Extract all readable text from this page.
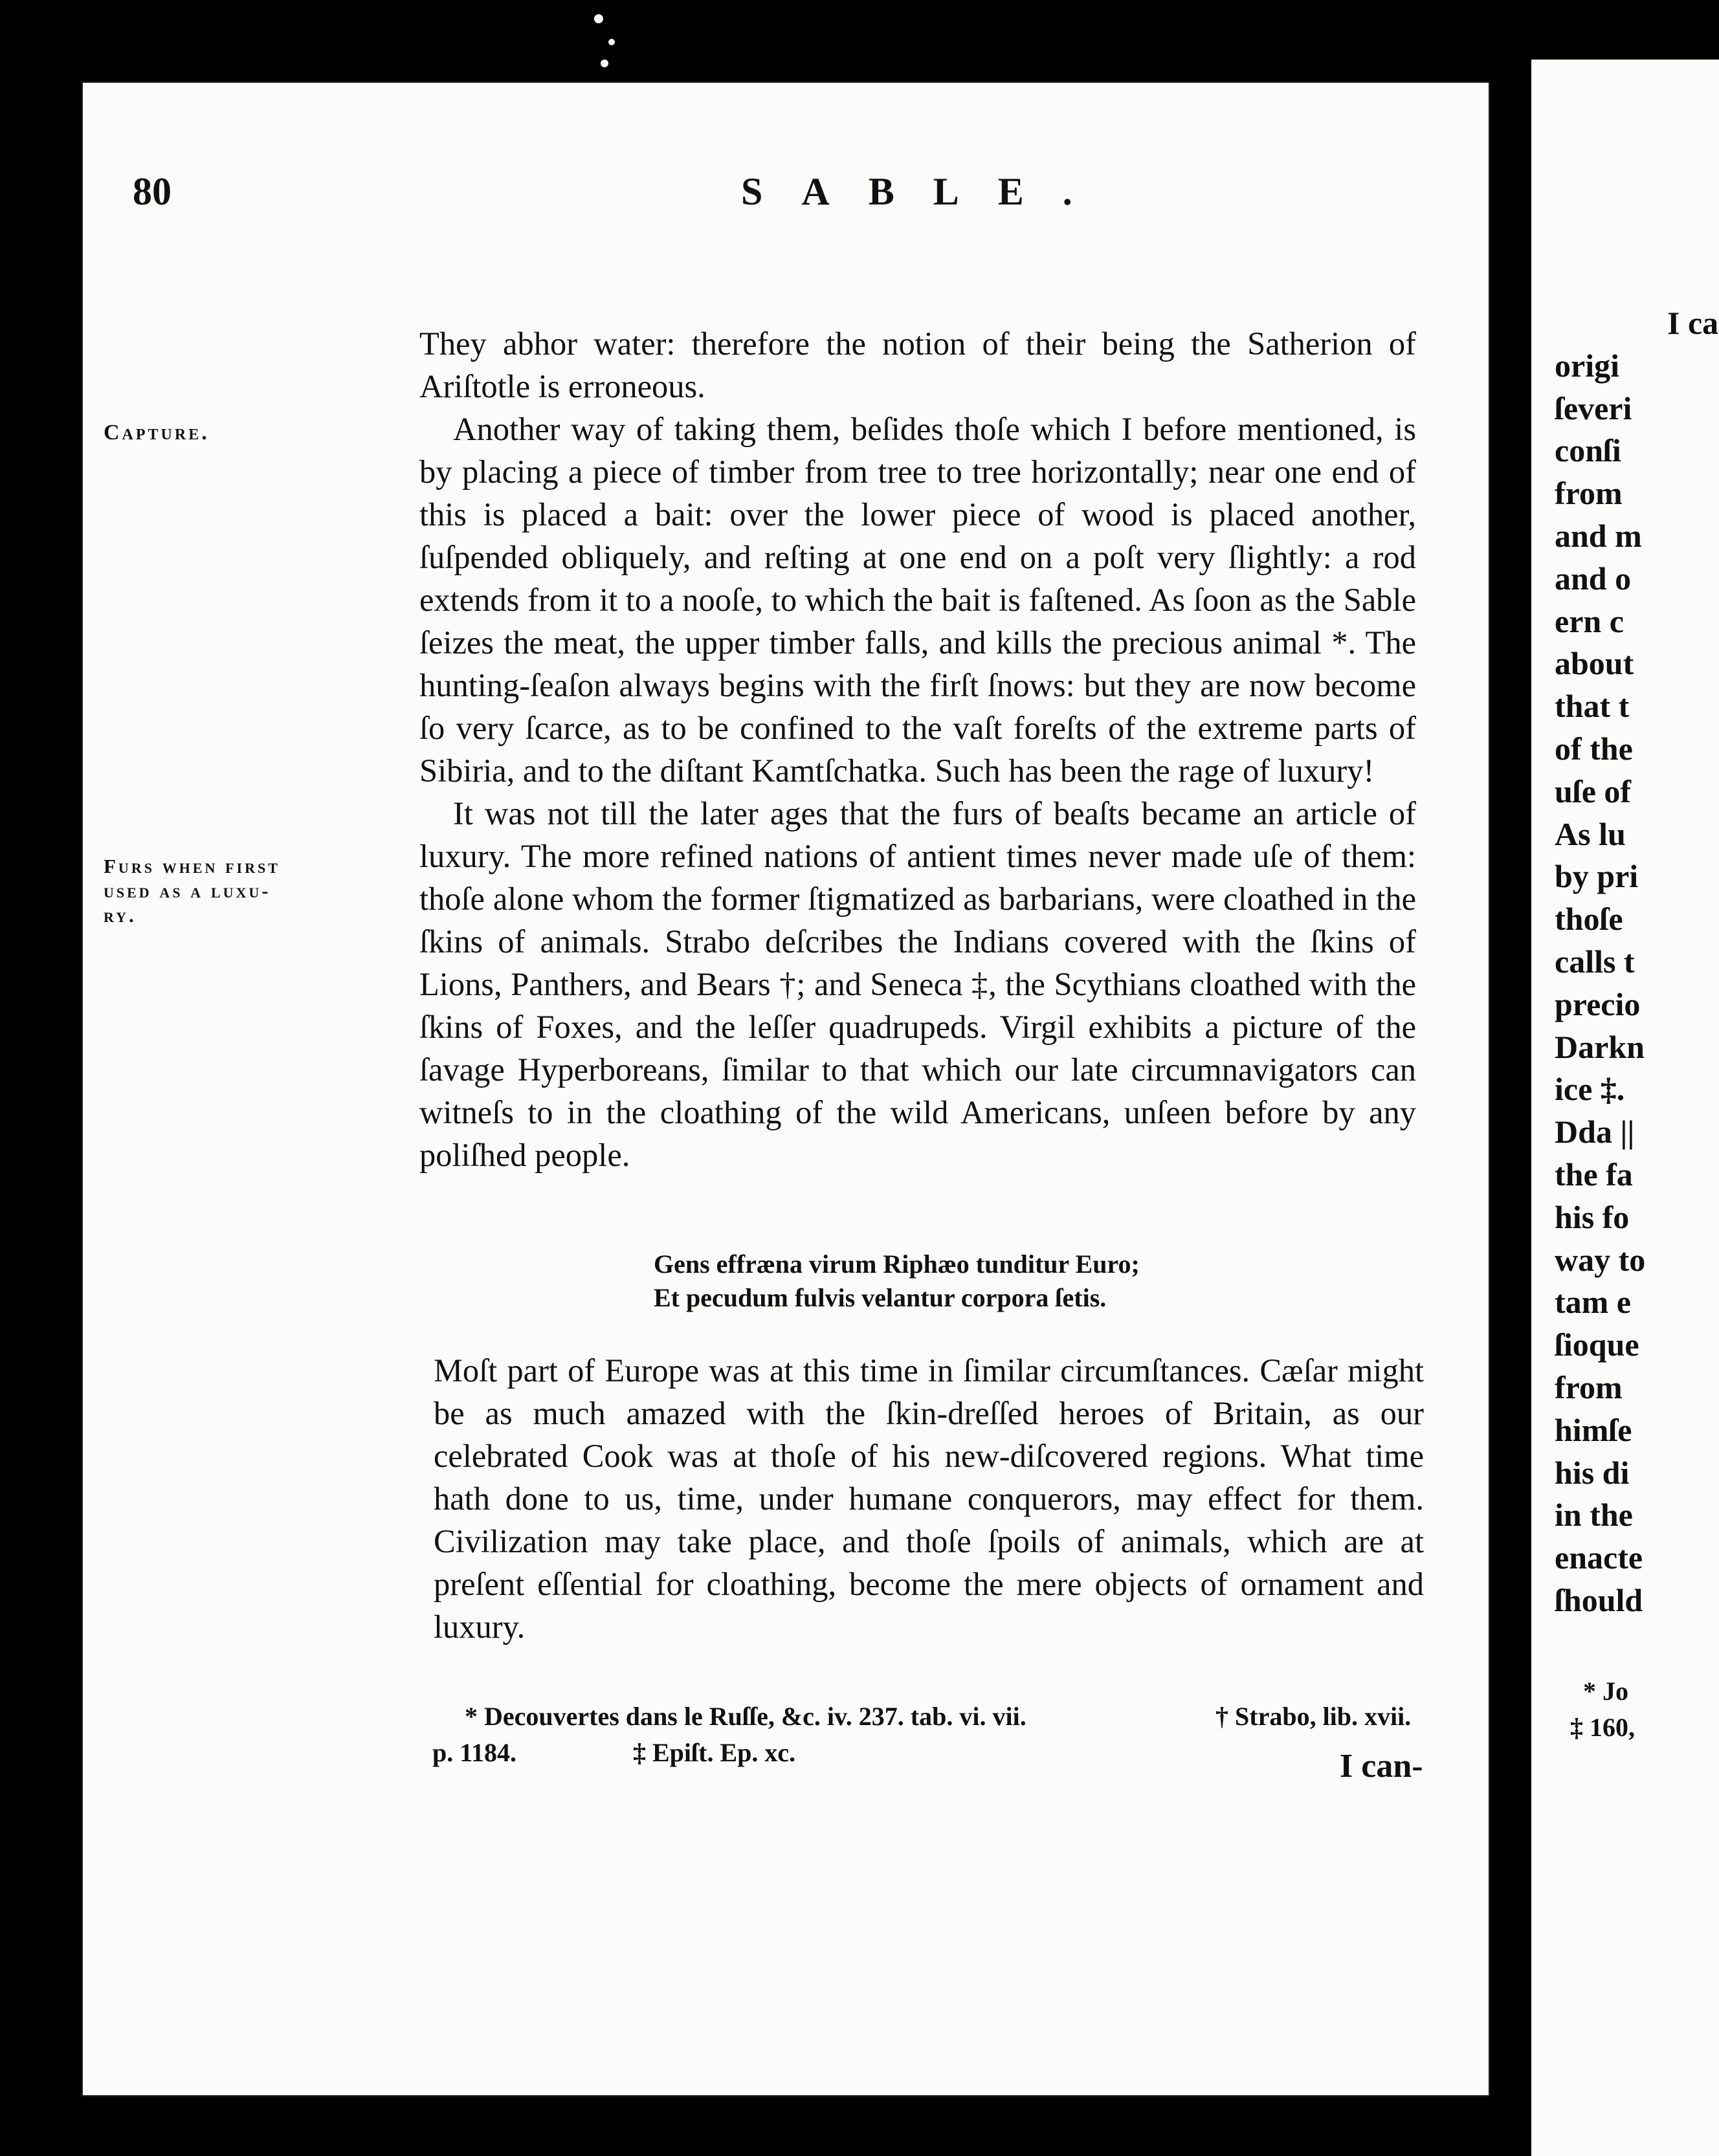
I ca
origi
ſeveri
conſi
from
and m
and o
ern c
about
that t
of the
uſe of
As lu
by pri
thoſe
calls t
precio
Darkn
ice ‡.
Dda ||
the fa
his fo
way to
tam e
ſioque
from
himſe
his di
in the
enacte
ſhould
* Jo
‡ 160,
80	SABLE.
Capture.
Furs when first
used as a luxu-
ry.

They abhor water: therefore the notion of their being the Satherion of Ariſtotle is erroneous.

Another way of taking them, beſides thoſe which I before mentioned, is by placing a piece of timber from tree to tree horizontally; near one end of this is placed a bait: over the lower piece of wood is placed another, ſuſpended obliquely, and reſting at one end on a poſt very ſlightly: a rod extends from it to a nooſe, to which the bait is faſtened. As ſoon as the Sable ſeizes the meat, the upper timber falls, and kills the precious animal *. The hunting-ſeaſon always begins with the firſt ſnows: but they are now become ſo very ſcarce, as to be confined to the vaſt foreſts of the extreme parts of Sibiria, and to the diſtant Kamtſchatka. Such has been the rage of luxury!

It was not till the later ages that the furs of beaſts became an article of luxury. The more refined nations of antient times never made uſe of them: thoſe alone whom the former ſtigmatized as barbarians, were cloathed in the ſkins of animals. Strabo deſcribes the Indians covered with the ſkins of Lions, Panthers, and Bears †; and Seneca ‡, the Scythians cloathed with the ſkins of Foxes, and the leſſer quadrupeds. Virgil exhibits a picture of the ſavage Hyperboreans, ſimilar to that which our late circumnavigators can witneſs to in the cloathing of the wild Americans, unſeen before by any poliſhed people.

Gens effræna virum Riphæo tunditur Euro;
Et pecudum fulvis velantur corpora ſetis.

Moſt part of Europe was at this time in ſimilar circumſtances. Cæſar might be as much amazed with the ſkin-dreſſed heroes of Britain, as our celebrated Cook was at thoſe of his new-diſcovered regions. What time hath done to us, time, under humane conquerors, may effect for them. Civilization may take place, and thoſe ſpoils of animals, which are at preſent eſſential for cloathing, become the mere objects of ornament and luxury.

* Decouvertes dans le Ruſſe, &c. iv. 237. tab. vi. vii.	† Strabo, lib. xvii.
p. 1184.	‡ Epiſt. Ep. xc.	I can-
